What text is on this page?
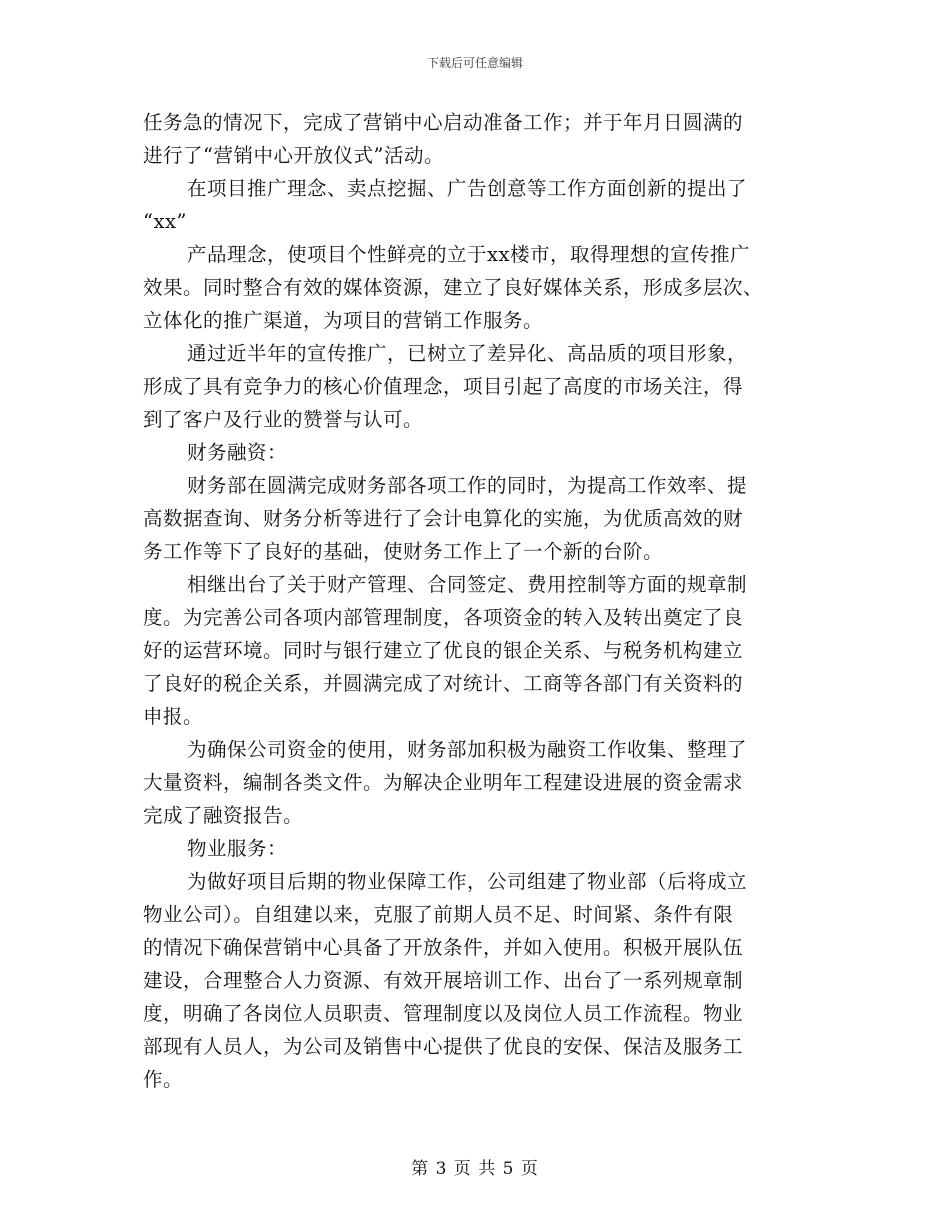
下载后可任意编辑
任务急的情况下，完成了营销中心启动准备工作；并于年月日圆满的
进行了“营销中心开放仪式”活动。
在项目推广理念、卖点挖掘、广告创意等工作方面创新的提出了
“xx”
产品理念，使项目个性鲜亮的立于xx楼市，取得理想的宣传推广
效果。同时整合有效的媒体资源，建立了良好媒体关系，形成多层次、
立体化的推广渠道，为项目的营销工作服务。
通过近半年的宣传推广，已树立了差异化、高品质的项目形象，
形成了具有竞争力的核心价值理念，项目引起了高度的市场关注，得
到了客户及行业的赞誉与认可。
财务融资：
财务部在圆满完成财务部各项工作的同时，为提高工作效率、提
高数据查询、财务分析等进行了会计电算化的实施，为优质高效的财
务工作等下了良好的基础，使财务工作上了一个新的台阶。
相继出台了关于财产管理、合同签定、费用控制等方面的规章制
度。为完善公司各项内部管理制度，各项资金的转入及转出奠定了良
好的运营环境。同时与银行建立了优良的银企关系、与税务机构建立
了良好的税企关系，并圆满完成了对统计、工商等各部门有关资料的
申报。
为确保公司资金的使用，财务部加积极为融资工作收集、整理了
大量资料，编制各类文件。为解决企业明年工程建设进展的资金需求
完成了融资报告。
物业服务：
为做好项目后期的物业保障工作，公司组建了物业部（后将成立
物业公司）。自组建以来，克服了前期人员不足、时间紧、条件有限
的情况下确保营销中心具备了开放条件，并如入使用。积极开展队伍
建设，合理整合人力资源、有效开展培训工作、出台了一系列规章制
度，明确了各岗位人员职责、管理制度以及岗位人员工作流程。物业
部现有人员人，为公司及销售中心提供了优良的安保、保洁及服务工
作。
第 3 页 共 5 页
